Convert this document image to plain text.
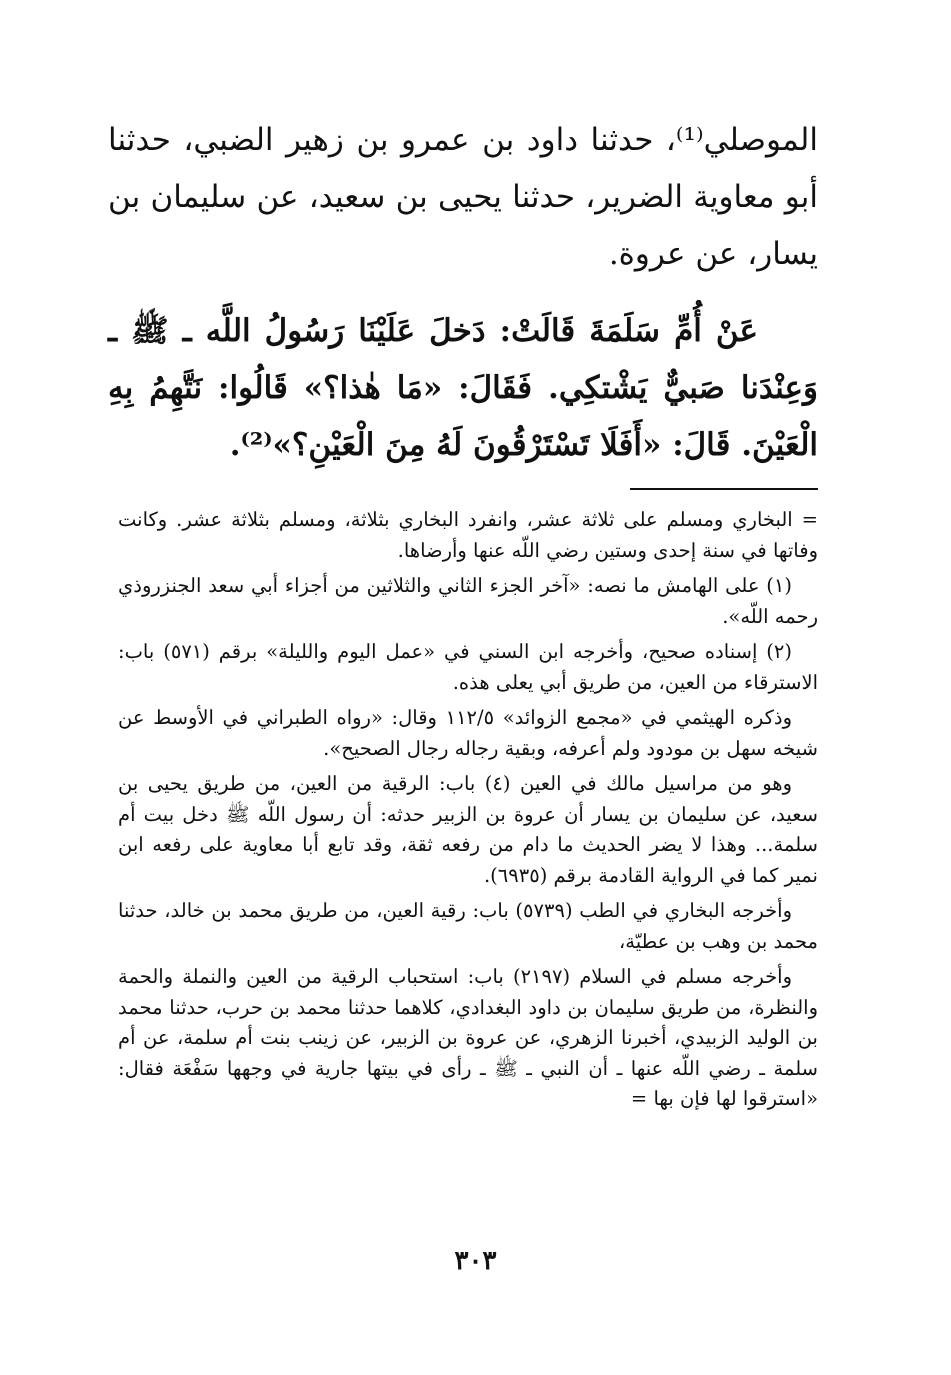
الموصلي⁽¹⁾، حدثنا داود بن عمرو بن زهير الضبي، حدثنا أبو معاوية الضرير، حدثنا يحيى بن سعيد، عن سليمان بن يسار، عن عروة.

عَنْ أُمِّ سَلَمَةَ قَالَتْ: دَخلَ عَلَيْنَا رَسُولُ اللَّه ـ ﷺ ـ وَعِنْدَنا صَبيٌّ يَشْتكِي. فَقَالَ: «مَا هٰذا؟» قَالُوا: نَتَّهِمُ بِهِ الْعَيْنَ. قَالَ: «أَفَلَا تَسْتَرْقُونَ لَهُ مِنَ الْعَيْنِ؟»⁽²⁾.

= البخاري ومسلم على ثلاثة عشر، وانفرد البخاري بثلاثة، ومسلم بثلاثة عشر. وكانت وفاتها في سنة إحدى وستين رضي اللّه عنها وأرضاها.

(١) على الهامش ما نصه: «آخر الجزء الثاني والثلاثين من أجزاء أبي سعد الجنزروذي رحمه اللّه».

(٢) إسناده صحيح، وأخرجه ابن السني في «عمل اليوم والليلة» برقم (٥٧١) باب: الاسترقاء من العين، من طريق أبي يعلى هذه.

وذكره الهيثمي في «مجمع الزوائد» ١١٢/٥ وقال: «رواه الطبراني في الأوسط عن شيخه سهل بن مودود ولم أعرفه، وبقية رجاله رجال الصحيح».

وهو من مراسيل مالك في العين (٤) باب: الرقية من العين، من طريق يحيى بن سعيد، عن سليمان بن يسار أن عروة بن الزبير حدثه: أن رسول اللّه ﷺ دخل بيت أم سلمة... وهذا لا يضر الحديث ما دام من رفعه ثقة، وقد تابع أبا معاوية على رفعه ابن نمير كما في الرواية القادمة برقم (٦٩٣٥).

وأخرجه البخاري في الطب (٥٧٣٩) باب: رقية العين، من طريق محمد بن خالد، حدثنا محمد بن وهب بن عطيّة،

وأخرجه مسلم في السلام (٢١٩٧) باب: استحباب الرقية من العين والنملة والحمة والنظرة، من طريق سليمان بن داود البغدادي، كلاهما حدثنا محمد بن حرب، حدثنا محمد بن الوليد الزبيدي، أخبرنا الزهري، عن عروة بن الزبير، عن زينب بنت أم سلمة، عن أم سلمة ـ رضي اللّه عنها ـ أن النبي ـ ﷺ ـ رأى في بيتها جارية في وجهها سَفْعَة فقال: «استرقوا لها فإن بها =

٣٠٣
